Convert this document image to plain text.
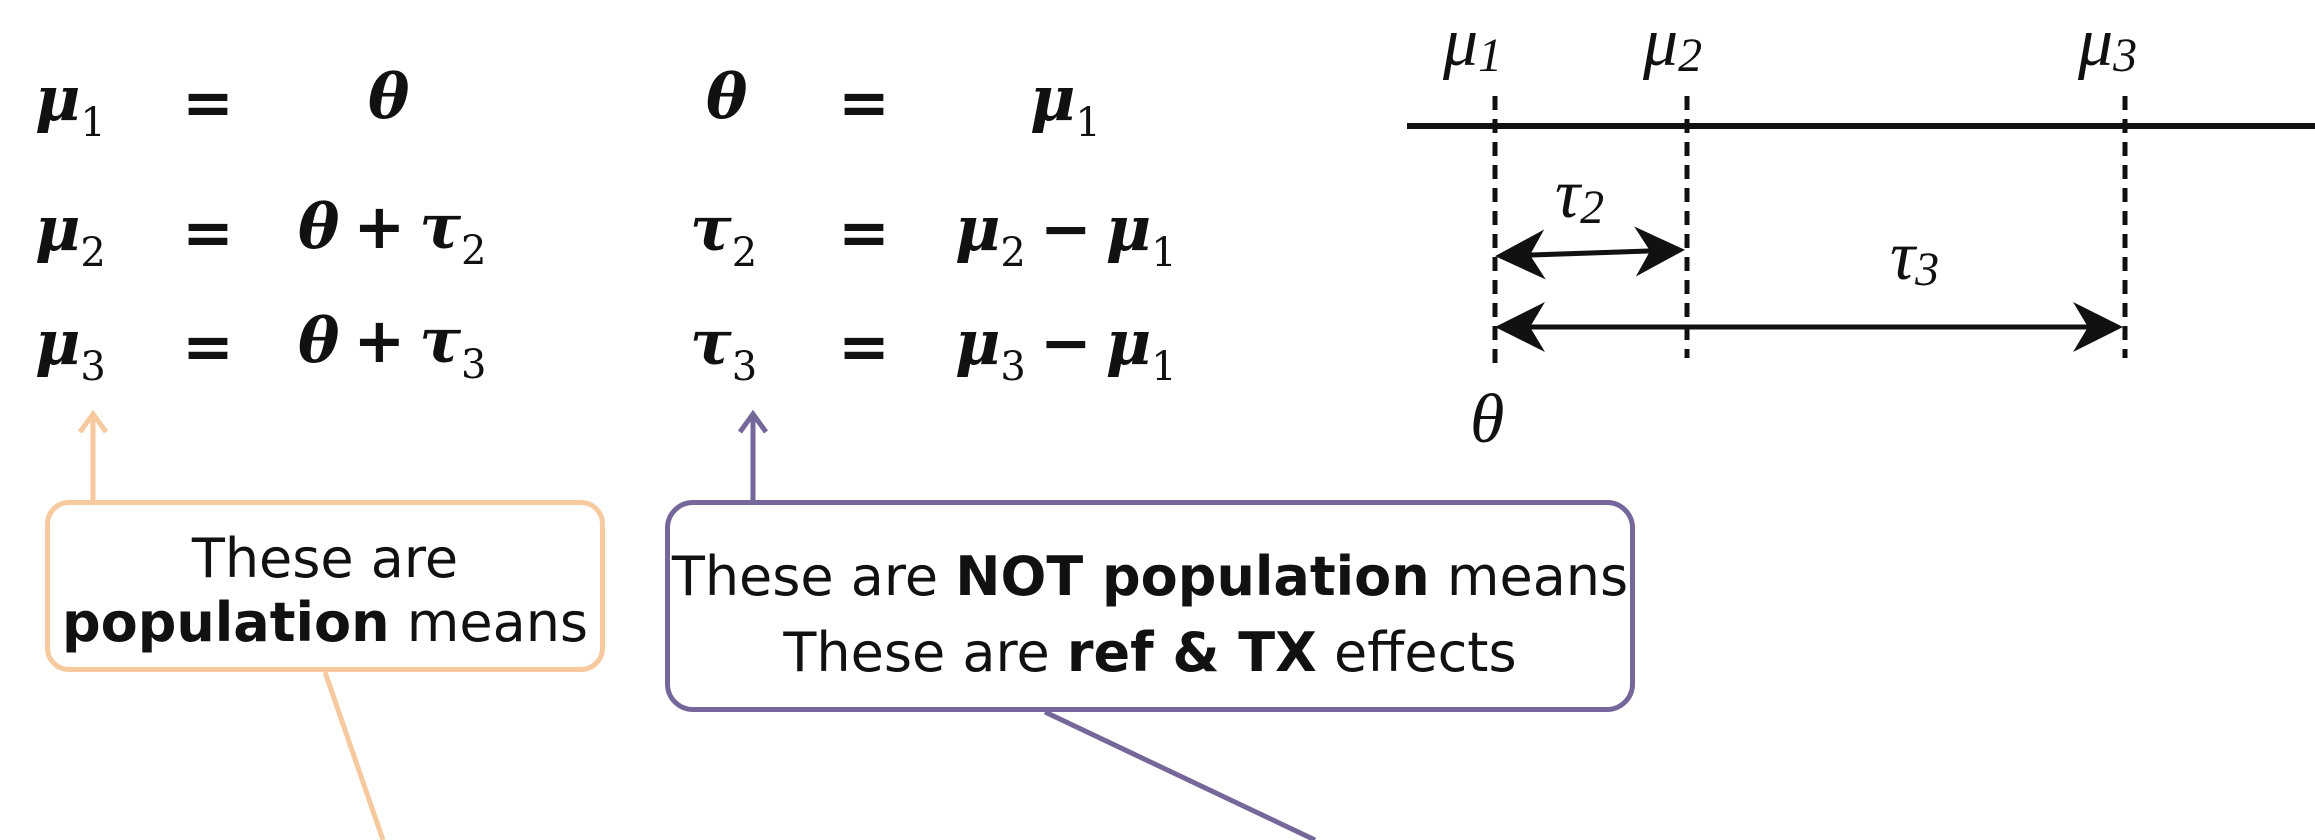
$\mu_1 = \theta$
$\mu_2 = \theta + \tau_2$
$\mu_3 = \theta + \tau_3$
$\theta = \mu_1$
$\tau_2 = \mu_2 - \mu_1$
$\tau_3 = \mu_3 - \mu_1$
These are
population means
These are NOT population means
These are ref & TX effects
μ1 μ2	μ3
τ2
τ3
θ
